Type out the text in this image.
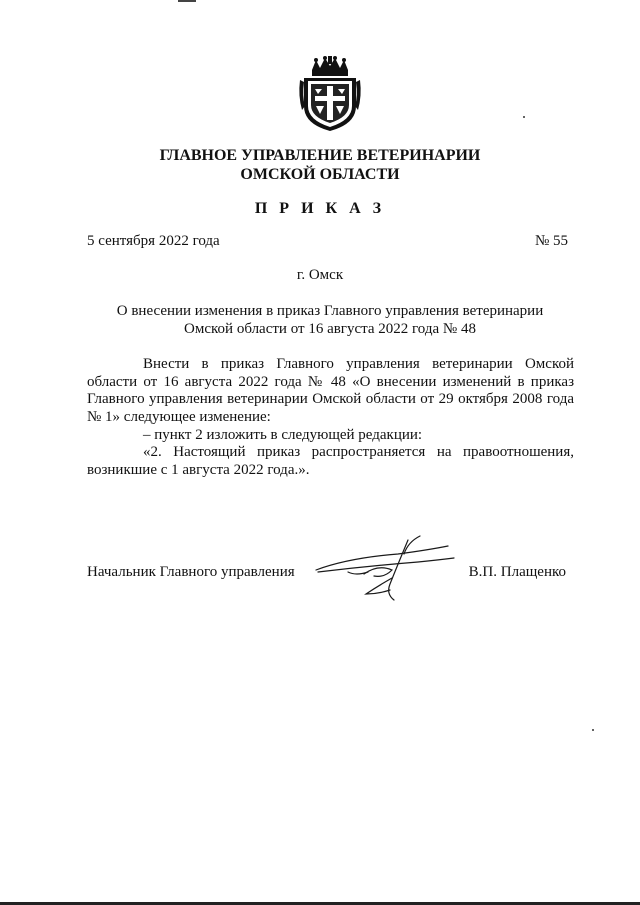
ГЛАВНОЕ УПРАВЛЕНИЕ ВЕТЕРИНАРИИ
ОМСКОЙ ОБЛАСТИ
П Р И К А З
5 сентября 2022 года	№ 55
г. Омск
О внесении изменения в приказ Главного управления ветеринарии
Омской области от 16 августа 2022 года № 48
Внести в приказ Главного управления ветеринарии Омской области от 16 августа 2022 года № 48 «О внесении изменений в приказ Главного управления ветеринарии Омской области от 29 октября 2008 года № 1» следующее изменение:
– пункт 2 изложить в следующей редакции:
«2. Настоящий приказ распространяется на правоотношения, возникшие с 1 августа 2022 года.».
Начальник Главного управления	В.П. Плащенко
